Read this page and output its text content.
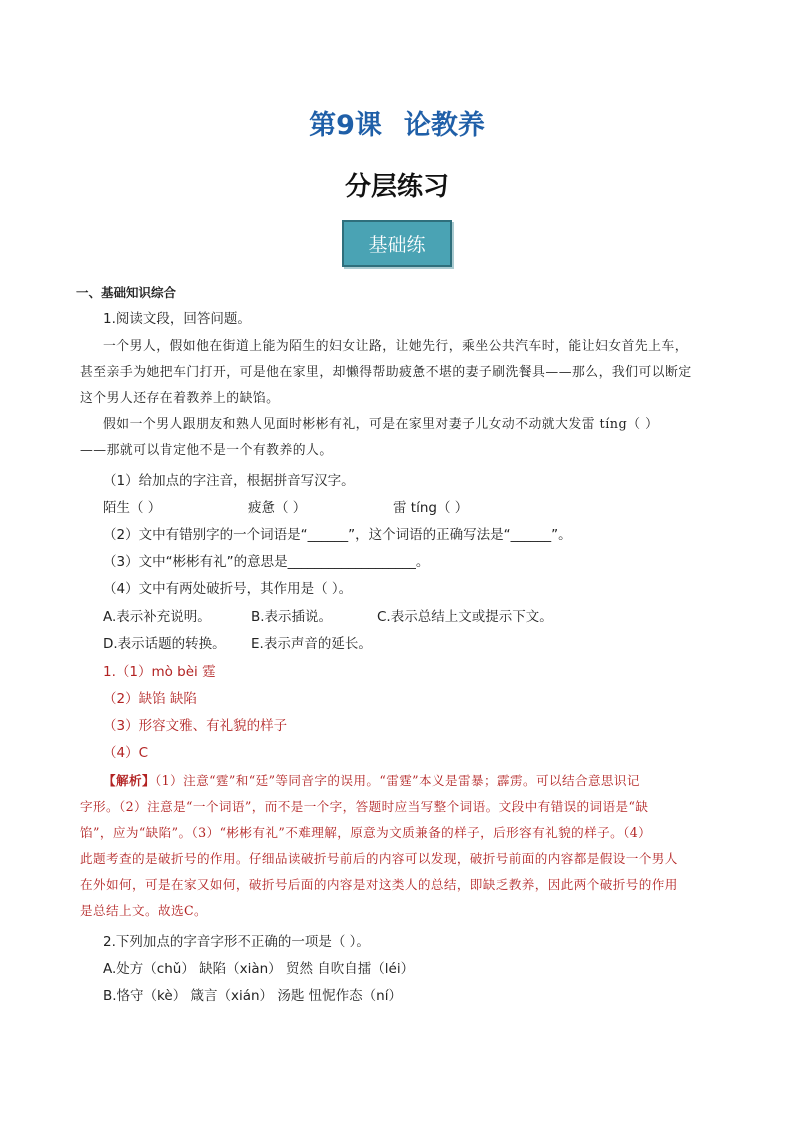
第9课 论教养
分层练习
基础练
一、基础知识综合
1.阅读文段，回答问题。
一个男人，假如他在街道上能为陌生的妇女让路，让她先行，乘坐公共汽车时，能让妇女首先上车，
甚至亲手为她把车门打开，可是他在家里，却懒得帮助疲惫不堪的妻子刷洗餐具——那么，我们可以断定
这个男人还存在着教养上的缺馅。
假如一个男人跟朋友和熟人见面时彬彬有礼，可是在家里对妻子儿女动不动就大发雷 tíng（ ）
——那就可以肯定他不是一个有教养的人。
（1）给加点的字注音，根据拼音写汉字。
陌生（ ）	疲惫（ ）	雷 tíng（ ）
（2）文中有错别字的一个词语是“______”，这个词语的正确写法是“______”。
（3）文中“彬彬有礼”的意思是___________________。
（4）文中有两处破折号，其作用是（ ）。
A.表示补充说明。	B.表示插说。	C.表示总结上文或提示下文。
D.表示话题的转换。 E.表示声音的延长。
1.（1）mò bèi 霆
（2）缺馅 缺陷
（3）形容文雅、有礼貌的样子
（4）C
【解析】（1）注意“霆”和“廷”等同音字的误用。“雷霆”本义是雷暴；霹雳。可以结合意思识记
字形。（2）注意是“一个词语”，而不是一个字，答题时应当写整个词语。文段中有错误的词语是“缺
馅”，应为“缺陷”。（3）“彬彬有礼”不难理解，原意为文质兼备的样子，后形容有礼貌的样子。（4）
此题考查的是破折号的作用。仔细品读破折号前后的内容可以发现，破折号前面的内容都是假设一个男人
在外如何，可是在家又如何，破折号后面的内容是对这类人的总结，即缺乏教养，因此两个破折号的作用
是总结上文。故选C。
2.下列加点的字音字形不正确的一项是（ ）。
A.处方（chǔ） 缺陷（xiàn） 贸然 自吹自擂（léi）
B.恪守（kè） 箴言（xián） 汤匙 忸怩作态（ní）
